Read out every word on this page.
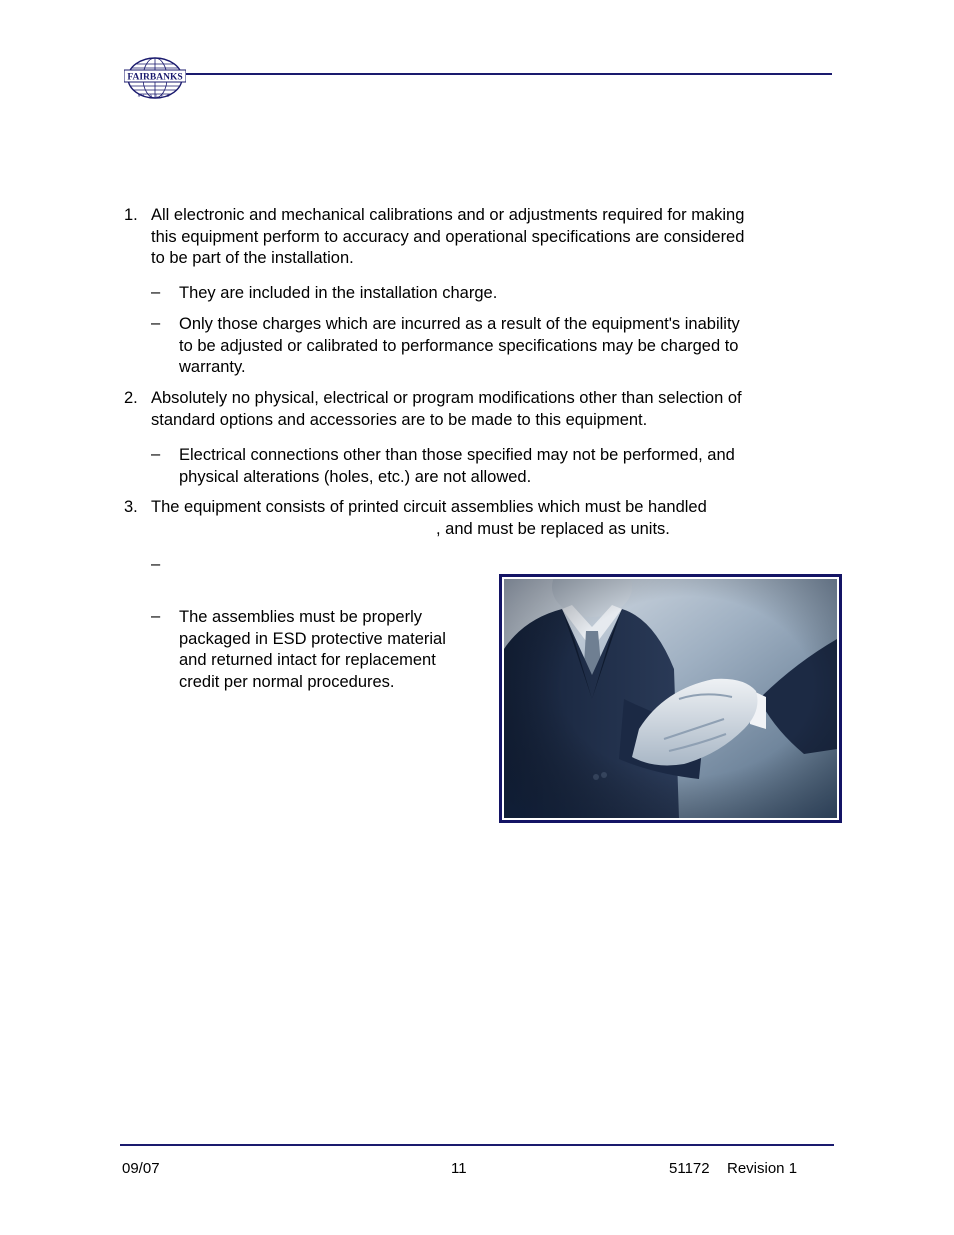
FAIRBANKS
SCALES
1. All electronic and mechanical calibrations and or adjustments required for making
this equipment perform to accuracy and operational specifications are considered
to be part of the installation.
– They are included in the installation charge.
– Only those charges which are incurred as a result of the equipment's inability
to be adjusted or calibrated to performance specifications may be charged to
warranty.
2. Absolutely no physical, electrical or program modifications other than selection of
standard options and accessories are to be made to this equipment.
– Electrical connections other than those specified may not be performed, and
physical alterations (holes, etc.) are not allowed.
3. The equipment consists of printed circuit assemblies which must be handled
, and must be replaced as units.
–
– The assemblies must be properly
packaged in ESD protective material
and returned intact for replacement
credit per normal procedures.
09/07	11	51172 Revision 1
